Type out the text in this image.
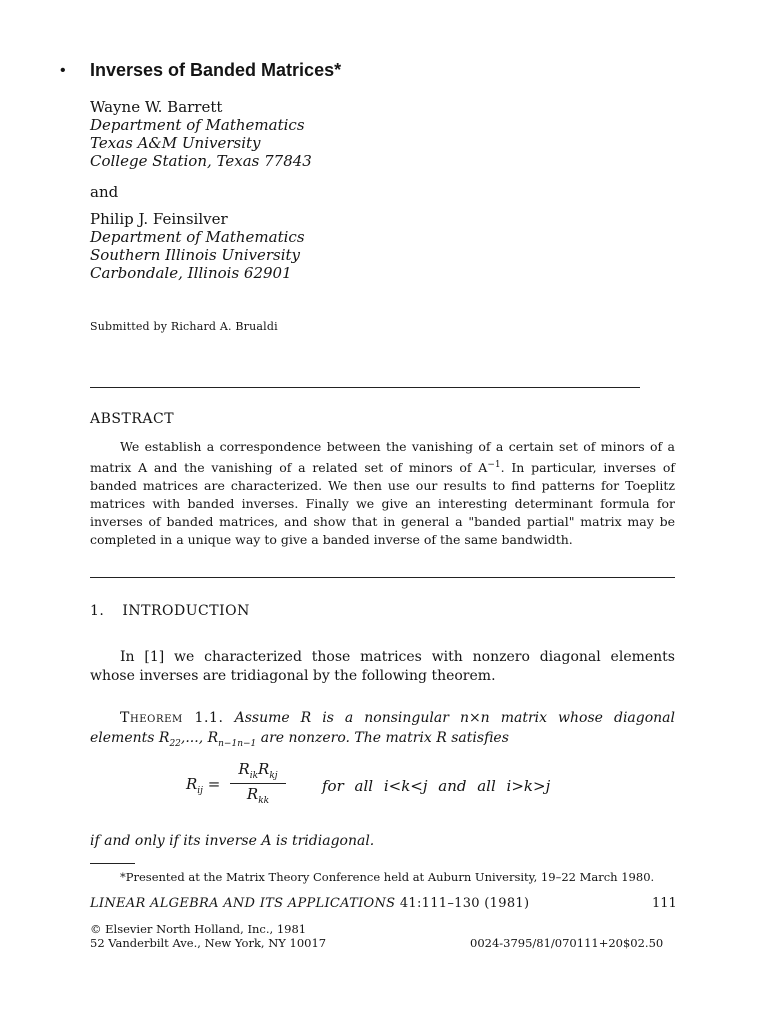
• Inverses of Banded Matrices*
Wayne W. Barrett
Department of Mathematics
Texas A&M University
College Station, Texas 77843
and
Philip J. Feinsilver
Department of Mathematics
Southern Illinois University
Carbondale, Illinois 62901
Submitted by Richard A. Brualdi
ABSTRACT
We establish a correspondence between the vanishing of a certain set of minors of a matrix A and the vanishing of a related set of minors of $A^{-1}$. In particular, inverses of banded matrices are characterized. We then use our results to find patterns for Toeplitz matrices with banded inverses. Finally we give an interesting determinant formula for inverses of banded matrices, and show that in general a "banded partial" matrix may be completed in a unique way to give a banded inverse of the same bandwidth.
1. INTRODUCTION
In [1] we characterized those matrices with nonzero diagonal elements whose inverses are tridiagonal by the following theorem.
Theorem 1.1. Assume R is a nonsingular n×n matrix whose diagonal elements $R_{22}$,..., $R_{n-1n-1}$ are nonzero. The matrix R satisfies
$R_{ij}$ =
$R_{ik}R_{kj}$
$R_{kk}$
for all i<k<j and all i>k>j
if and only if its inverse A is tridiagonal.
*Presented at the Matrix Theory Conference held at Auburn University, 19–22 March 1980.
LINEAR ALGEBRA AND ITS APPLICATIONS 41:111–130 (1981)	111
© Elsevier North Holland, Inc., 1981
52 Vanderbilt Ave., New York, NY 10017	0024-3795/81/070111+20$02.50
